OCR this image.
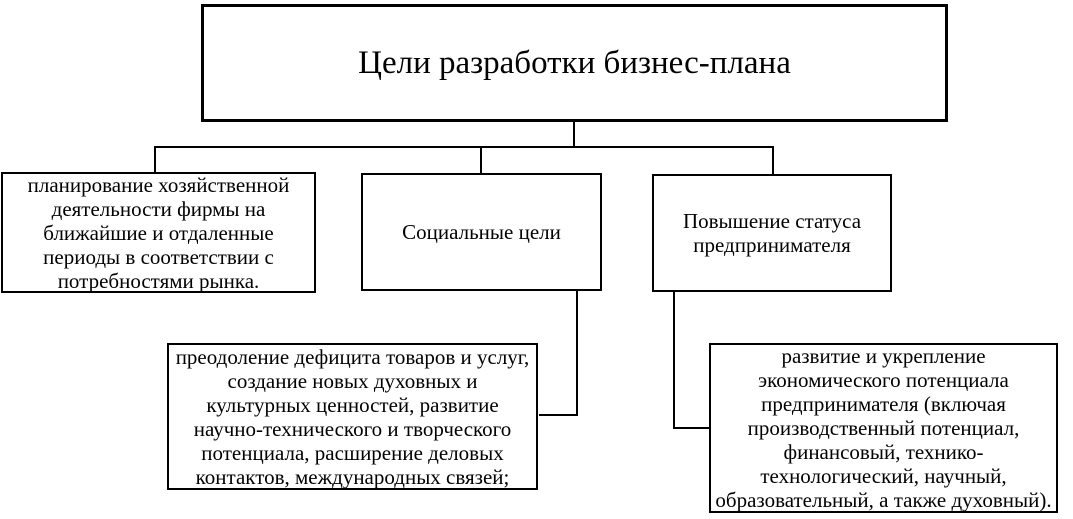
Цели разработки бизнес-плана
планирование хозяйственной деятельности фирмы на ближайшие и отдаленные периоды в соответствии с потребностями рынка.
Социальные цели	Повышение статуса предпринимателя
преодоление дефицита товаров и услуг, создание новых духовных и культурных ценностей, развитие научно-технического и творческого потенциала, расширение деловых контактов, международных связей;
развитие и укрепление экономического потенциала предпринимателя (включая производственный потенциал, финансовый, технико-технологический, научный, образовательный, а также духовный).
